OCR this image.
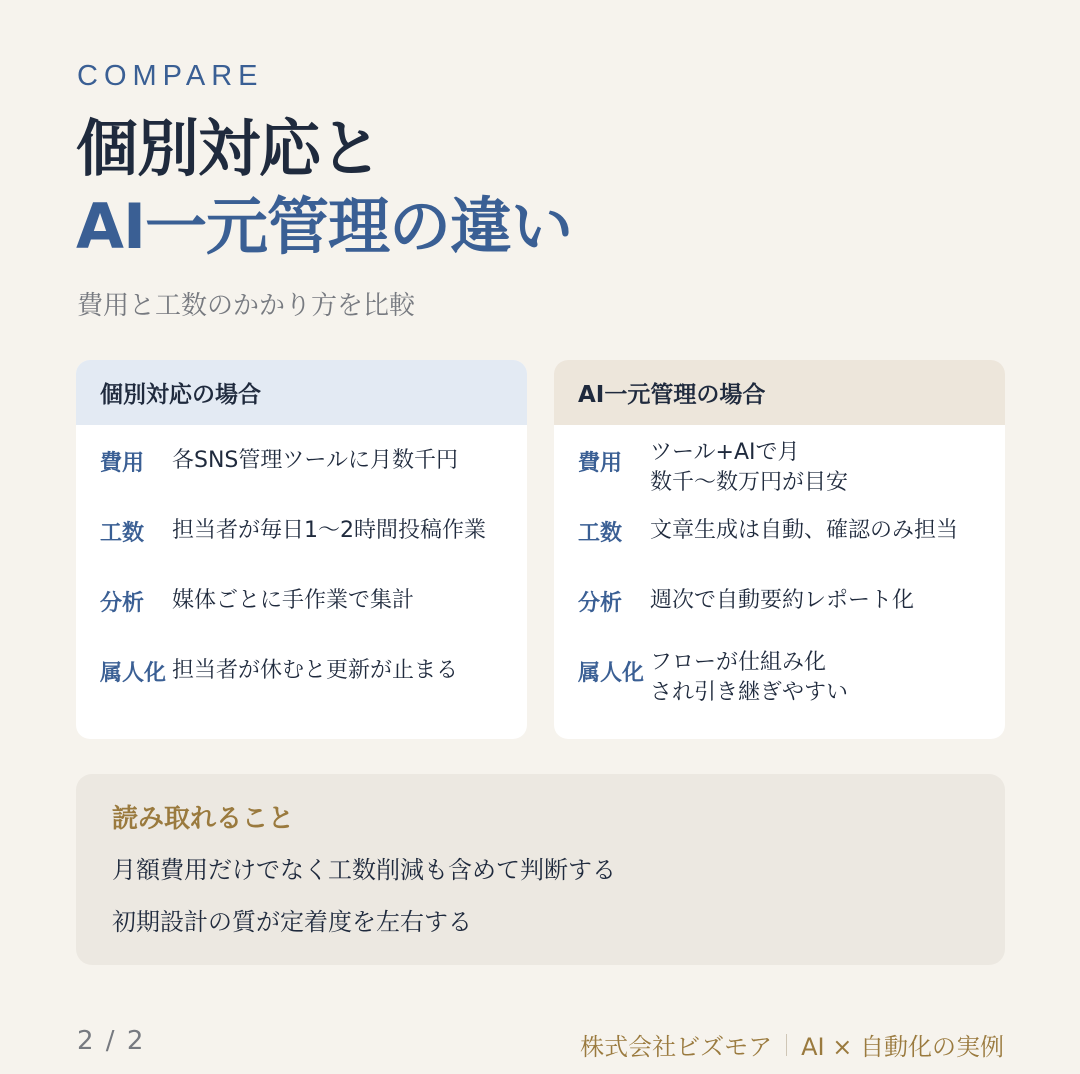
COMPARE
個別対応と
AI一元管理の違い
費用と工数のかかり方を比較
個別対応の場合
費用 各SNS管理ツールに月数千円
工数 担当者が毎日1〜2時間投稿作業
分析 媒体ごとに手作業で集計
属人化 担当者が休むと更新が止まる
AI一元管理の場合
費用 ツール+AIで月
数千〜数万円が目安
工数 文章生成は自動、確認のみ担当
分析 週次で自動要約レポート化
属人化 フローが仕組み化
され引き継ぎやすい
読み取れること
月額費用だけでなく工数削減も含めて判断する
初期設計の質が定着度を左右する
2 / 2	株式会社ビズモア AI × 自動化の実例
